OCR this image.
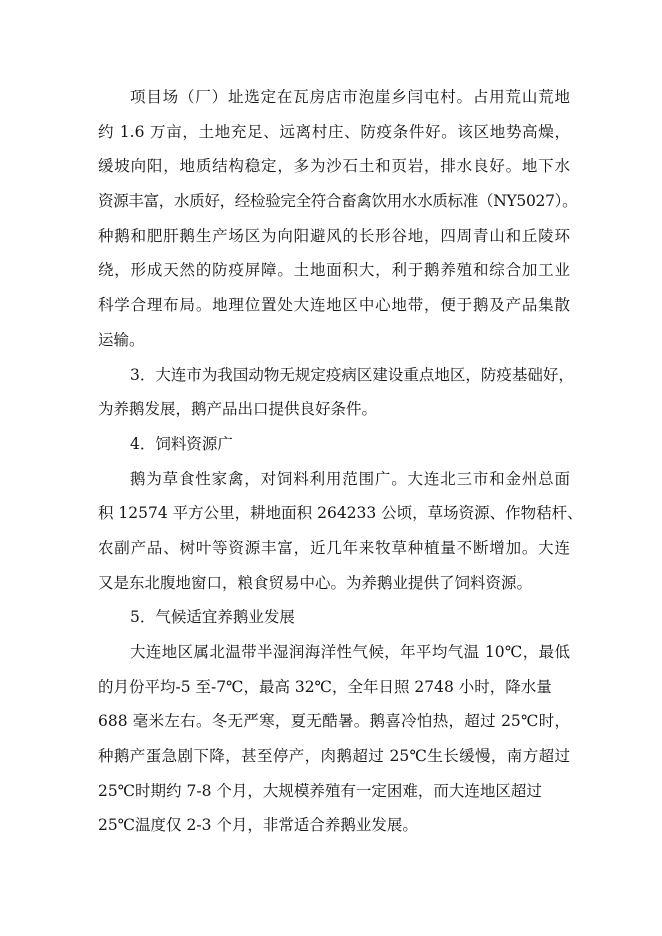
项目场（厂）址选定在瓦房店市泡崖乡闫屯村。占用荒山荒地
约 1.6 万亩，土地充足、远离村庄、防疫条件好。该区地势高燥，
缓坡向阳，地质结构稳定，多为沙石土和页岩，排水良好。地下水
资源丰富，水质好，经检验完全符合畜禽饮用水水质标准（NY5027）。
种鹅和肥肝鹅生产场区为向阳避风的长形谷地，四周青山和丘陵环
绕，形成天然的防疫屏障。土地面积大，利于鹅养殖和综合加工业
科学合理布局。地理位置处大连地区中心地带，便于鹅及产品集散
运输。
3．大连市为我国动物无规定疫病区建设重点地区，防疫基础好，
为养鹅发展，鹅产品出口提供良好条件。
4．饲料资源广
鹅为草食性家禽，对饲料利用范围广。大连北三市和金州总面
积 12574 平方公里，耕地面积 264233 公顷，草场资源、作物秸杆、
农副产品、树叶等资源丰富，近几年来牧草种植量不断增加。大连
又是东北腹地窗口，粮食贸易中心。为养鹅业提供了饲料资源。
5．气候适宜养鹅业发展
大连地区属北温带半湿润海洋性气候，年平均气温 10℃，最低
的月份平均-5 至-7℃，最高 32℃，全年日照 2748 小时，降水量
688 毫米左右。冬无严寒，夏无酷暑。鹅喜冷怕热，超过 25℃时，
种鹅产蛋急剧下降，甚至停产，肉鹅超过 25℃生长缓慢，南方超过
25℃时期约 7-8 个月，大规模养殖有一定困难，而大连地区超过
25℃温度仅 2-3 个月，非常适合养鹅业发展。
